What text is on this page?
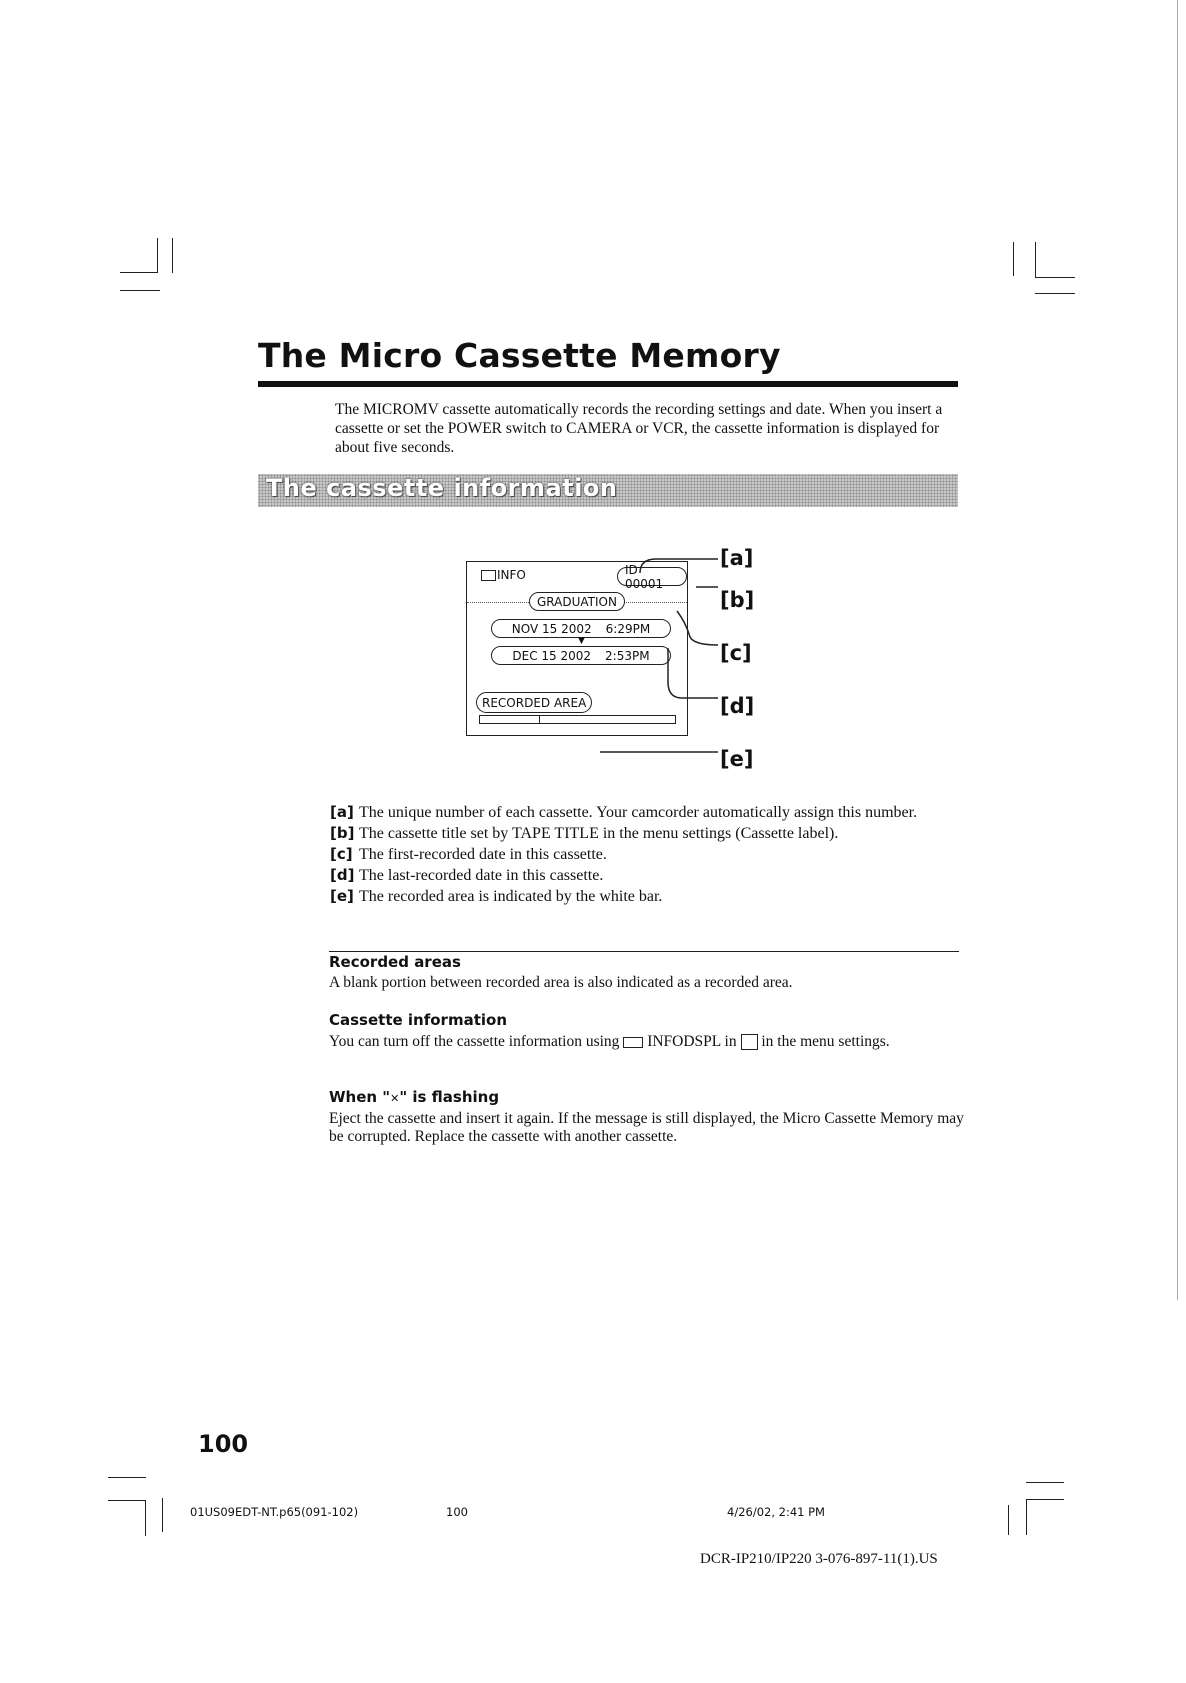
The Micro Cassette Memory
The MICROMV cassette automatically records the recording settings and date. When you insert a cassette or set the POWER switch to CAMERA or VCR, the cassette information is displayed for about five seconds.
The cassette information
INFO	ID 00001
GRADUATION
NOV 15 2002 6:29PM
▼
DEC 15 2002 2:53PM
RECORDED AREA
[a]
[b]
[c]
[d]
[e]
[a] The unique number of each cassette. Your camcorder automatically assign this number.
[b] The cassette title set by TAPE TITLE in the menu settings (Cassette label).
[c] The first-recorded date in this cassette.
[d] The last-recorded date in this cassette.
[e] The recorded area is indicated by the white bar.
Recorded areas
A blank portion between recorded area is also indicated as a recorded area.
Cassette information
You can turn off the cassette information using INFODSPL in in the menu settings.
When "✕" is flashing
Eject the cassette and insert it again. If the message is still displayed, the Micro Cassette Memory may be corrupted. Replace the cassette with another cassette.
100
01US09EDT-NT.p65(091-102)	100	4/26/02, 2:41 PM
DCR-IP210/IP220 3-076-897-11(1).US
